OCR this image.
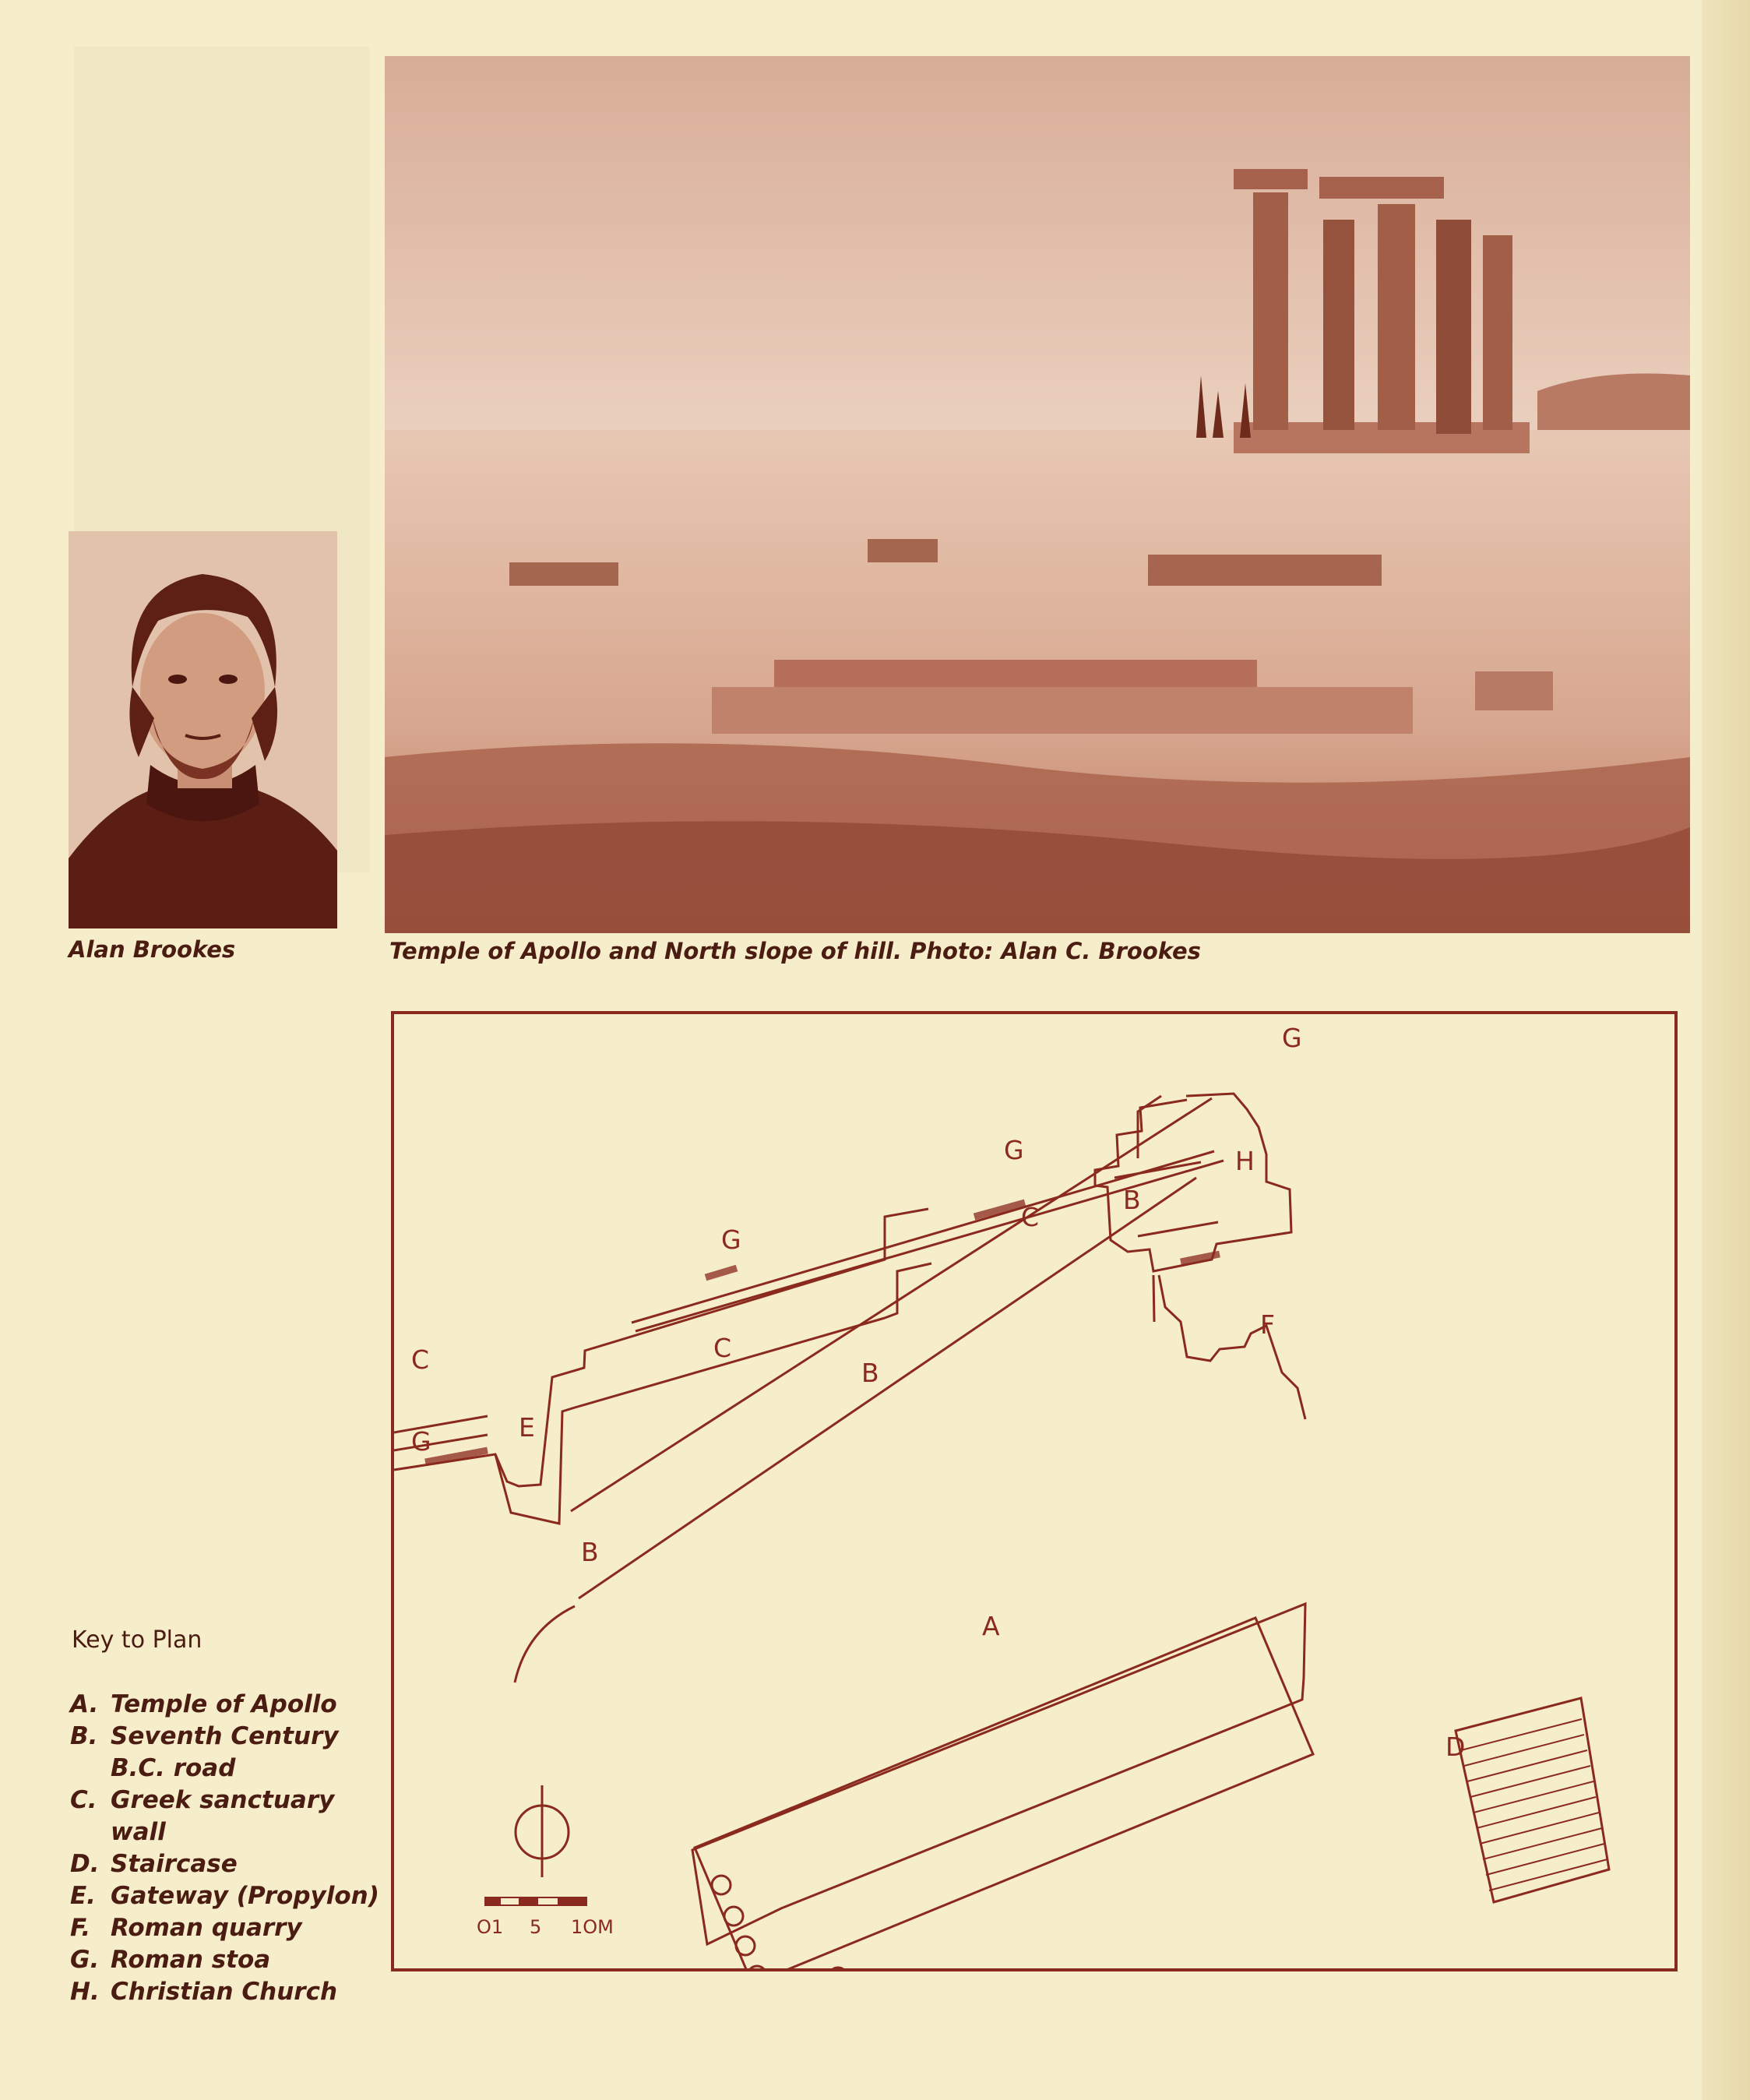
Alan Brookes	Temple of Apollo and North slope of hill. Photo: Alan C. Brookes
O1 5 1OM
A
B
B
B
C	C
C
D
E
F
G
G
G
G
H
Key to Plan
A. Temple of Apollo
B. Seventh Century B.C. road
C. Greek sanctuary wall
D. Staircase
E. Gateway (Propylon)
F. Roman quarry
G. Roman stoa
H. Christian Church
